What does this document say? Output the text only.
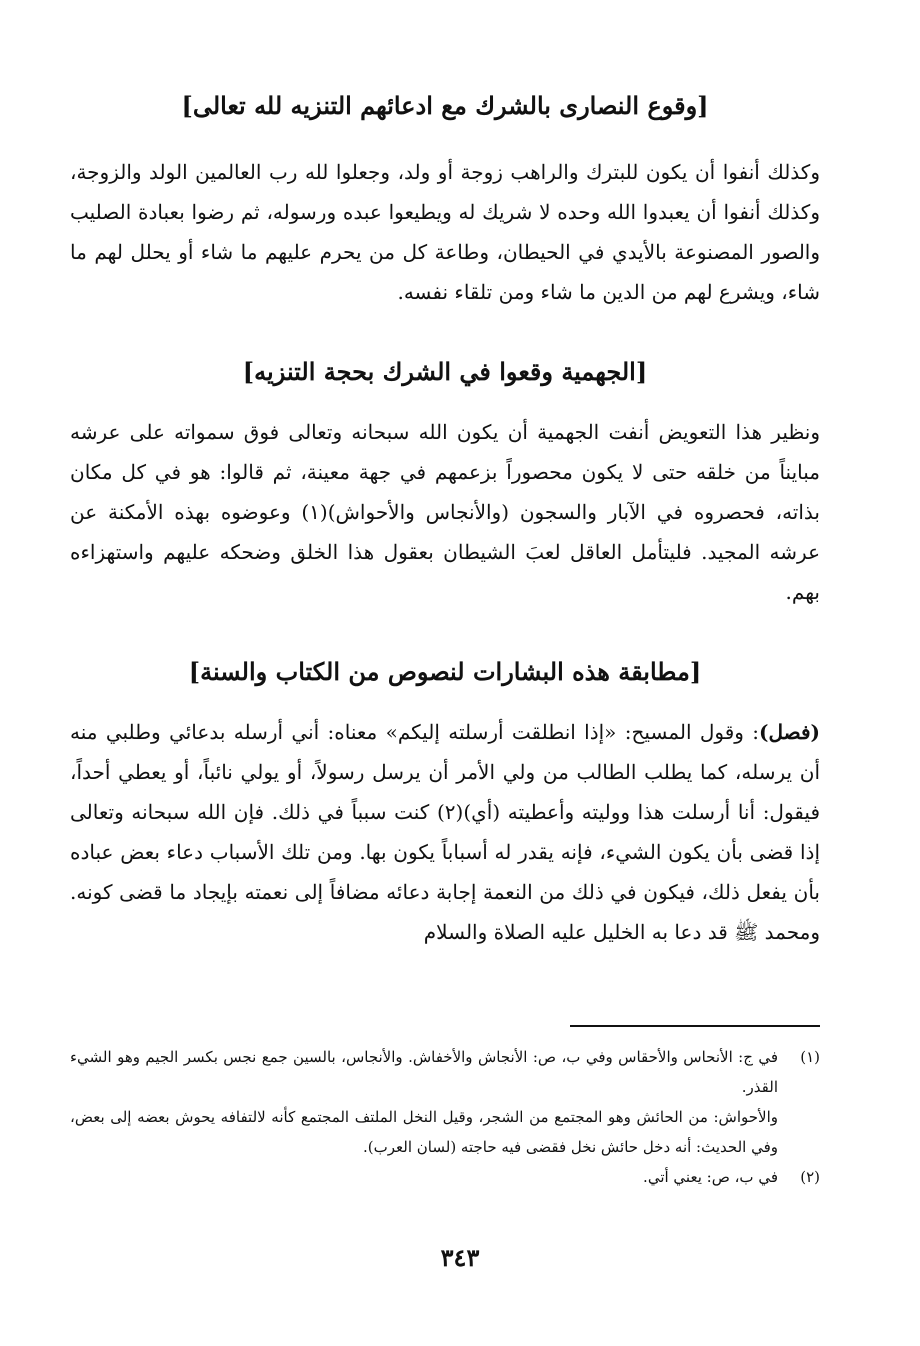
[وقوع النصارى بالشرك مع ادعائهم التنزيه لله تعالى]

وكذلك أنفوا أن يكون للبترك والراهب زوجة أو ولد، وجعلوا لله رب العالمين الولد والزوجة، وكذلك أنفوا أن يعبدوا الله وحده لا شريك له ويطيعوا عبده ورسوله، ثم رضوا بعبادة الصليب والصور المصنوعة بالأيدي في الحيطان، وطاعة كل من يحرم عليهم ما شاء أو يحلل لهم ما شاء، ويشرع لهم من الدين ما شاء ومن تلقاء نفسه.

[الجهمية وقعوا في الشرك بحجة التنزيه]

ونظير هذا التعويض أنفت الجهمية أن يكون الله سبحانه وتعالى فوق سمواته على عرشه مبايناً من خلقه حتى لا يكون محصوراً بزعمهم في جهة معينة، ثم قالوا: هو في كل مكان بذاته، فحصروه في الآبار والسجون (والأنجاس والأحواش)(١) وعوضوه بهذه الأمكنة عن عرشه المجيد. فليتأمل العاقل لعبَ الشيطان بعقول هذا الخلق وضحكه عليهم واستهزاءه بهم.

[مطابقة هذه البشارات لنصوص من الكتاب والسنة]

(فصل): وقول المسيح: «إذا انطلقت أرسلته إليكم» معناه: أني أرسله بدعائي وطلبي منه أن يرسله، كما يطلب الطالب من ولي الأمر أن يرسل رسولاً، أو يولي نائباً، أو يعطي أحداً، فيقول: أنا أرسلت هذا ووليته وأعطيته (أي)(٢) كنت سبباً في ذلك. فإن الله سبحانه وتعالى إذا قضى بأن يكون الشيء، فإنه يقدر له أسباباً يكون بها. ومن تلك الأسباب دعاء بعض عباده بأن يفعل ذلك، فيكون في ذلك من النعمة إجابة دعائه مضافاً إلى نعمته بإيجاد ما قضى كونه. ومحمد ﷺ قد دعا به الخليل عليه الصلاة والسلام

(١)
في ج: الأنحاس والأحقاس وفي ب، ص: الأنجاش والأخفاش. والأنجاس، بالسين جمع نجس بكسر الجيم وهو الشيء القذر.
والأحواش: من الحائش وهو المجتمع من الشجر، وقيل النخل الملتف المجتمع كأنه لالتفافه يحوش بعضه إلى بعض، وفي الحديث: أنه دخل حائش نخل فقضى فيه حاجته (لسان العرب).
(٢)
في ب، ص: يعني أتي.
٣٤٣
